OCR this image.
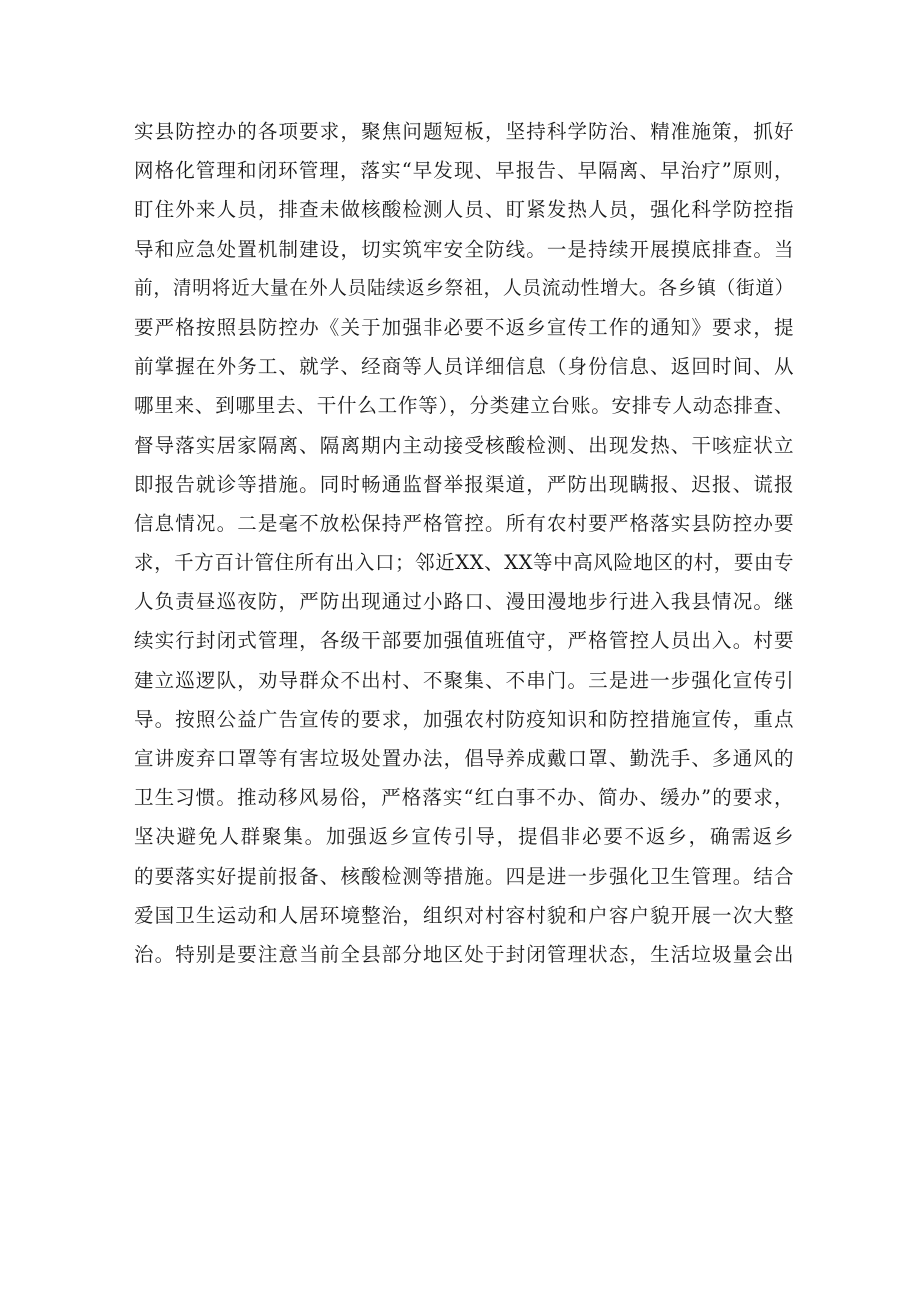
实县防控办的各项要求，聚焦问题短板，坚持科学防治、精准施策，抓好
网格化管理和闭环管理，落实“早发现、早报告、早隔离、早治疗”原则，
盯住外来人员，排查未做核酸检测人员、盯紧发热人员，强化科学防控指
导和应急处置机制建设，切实筑牢安全防线。一是持续开展摸底排查。当
前，清明将近大量在外人员陆续返乡祭祖，人员流动性增大。各乡镇（街道）
要严格按照县防控办《关于加强非必要不返乡宣传工作的通知》要求，提
前掌握在外务工、就学、经商等人员详细信息（身份信息、返回时间、从
哪里来、到哪里去、干什么工作等），分类建立台账。安排专人动态排查、
督导落实居家隔离、隔离期内主动接受核酸检测、出现发热、干咳症状立
即报告就诊等措施。同时畅通监督举报渠道，严防出现瞒报、迟报、谎报
信息情况。二是毫不放松保持严格管控。所有农村要严格落实县防控办要
求，千方百计管住所有出入口；邻近XX、XX等中高风险地区的村，要由专
人负责昼巡夜防，严防出现通过小路口、漫田漫地步行进入我县情况。继
续实行封闭式管理，各级干部要加强值班值守，严格管控人员出入。村要
建立巡逻队，劝导群众不出村、不聚集、不串门。三是进一步强化宣传引
导。按照公益广告宣传的要求，加强农村防疫知识和防控措施宣传，重点
宣讲废弃口罩等有害垃圾处置办法，倡导养成戴口罩、勤洗手、多通风的
卫生习惯。推动移风易俗，严格落实“红白事不办、简办、缓办”的要求，
坚决避免人群聚集。加强返乡宣传引导，提倡非必要不返乡，确需返乡
的要落实好提前报备、核酸检测等措施。四是进一步强化卫生管理。结合
爱国卫生运动和人居环境整治，组织对村容村貌和户容户貌开展一次大整
治。特别是要注意当前全县部分地区处于封闭管理状态，生活垃圾量会出
